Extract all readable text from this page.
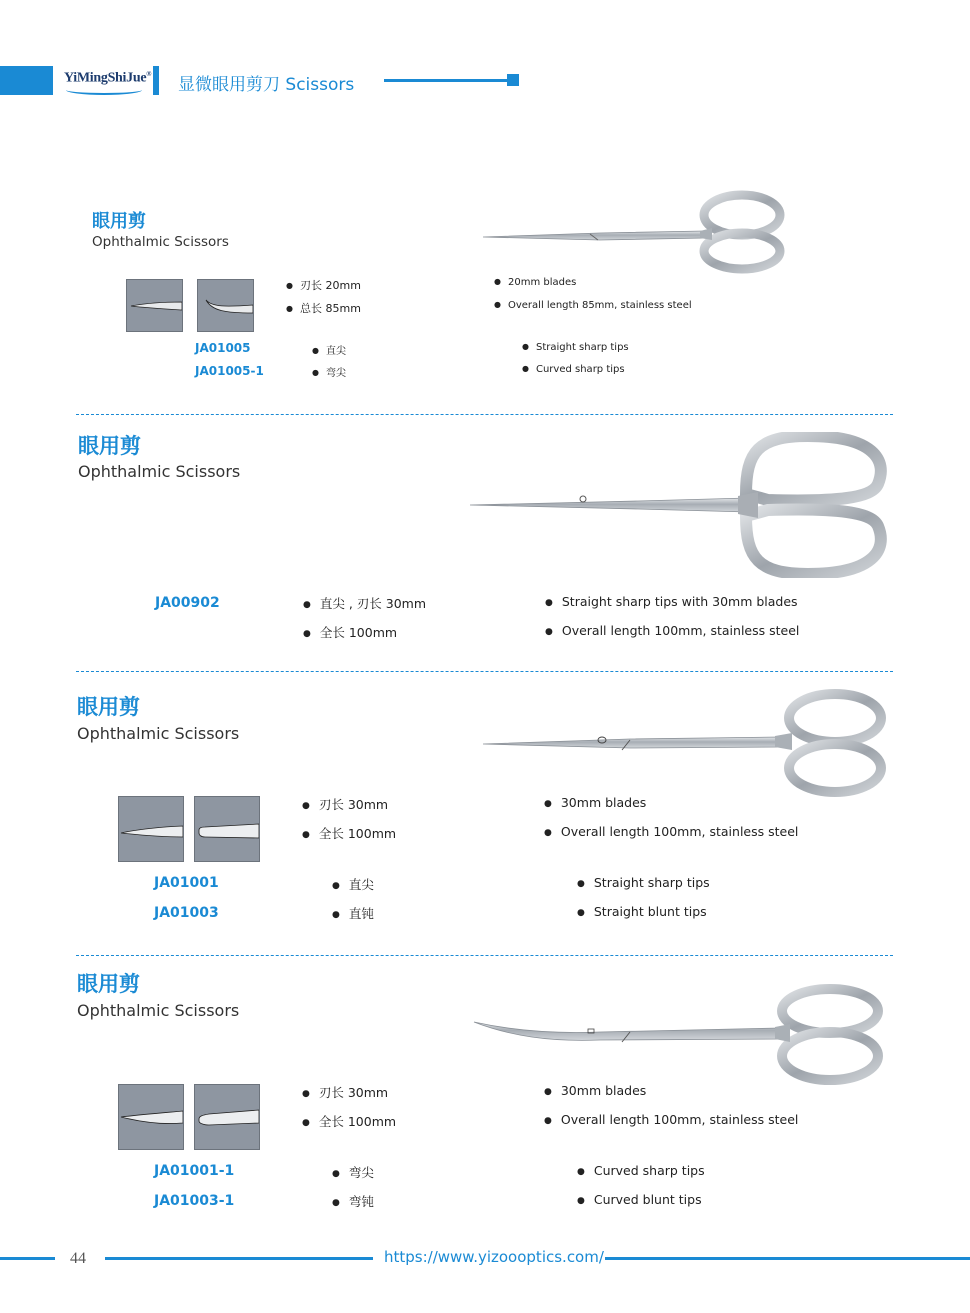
YiMingShiJue®
显微眼用剪刀 Scissors
眼用剪
Ophthalmic Scissors
JA01005
JA01005-1
● 刃长 20mm
● 总长 85mm
● 直尖
● 弯尖
● 20mm blades
● Overall length 85mm, stainless steel
● Straight sharp tips
● Curved sharp tips
眼用剪
Ophthalmic Scissors
JA00902
●	直尖 , 刃长 30mm
● 全长 100mm
● Straight sharp tips with 30mm blades
● Overall length 100mm, stainless steel
眼用剪
Ophthalmic Scissors
JA01001
JA01003
● 刃长 30mm
● 全长 100mm
● 直尖
● 直钝
● 30mm blades
● Overall length 100mm, stainless steel
● Straight sharp tips
● Straight blunt tips
眼用剪
Ophthalmic Scissors
JA01001-1
JA01003-1
● 刃长 30mm
● 全长 100mm
● 弯尖
● 弯钝
● 30mm blades
● Overall length 100mm, stainless steel
● Curved sharp tips
● Curved blunt tips
44	https://www.yizoooptics.com/
